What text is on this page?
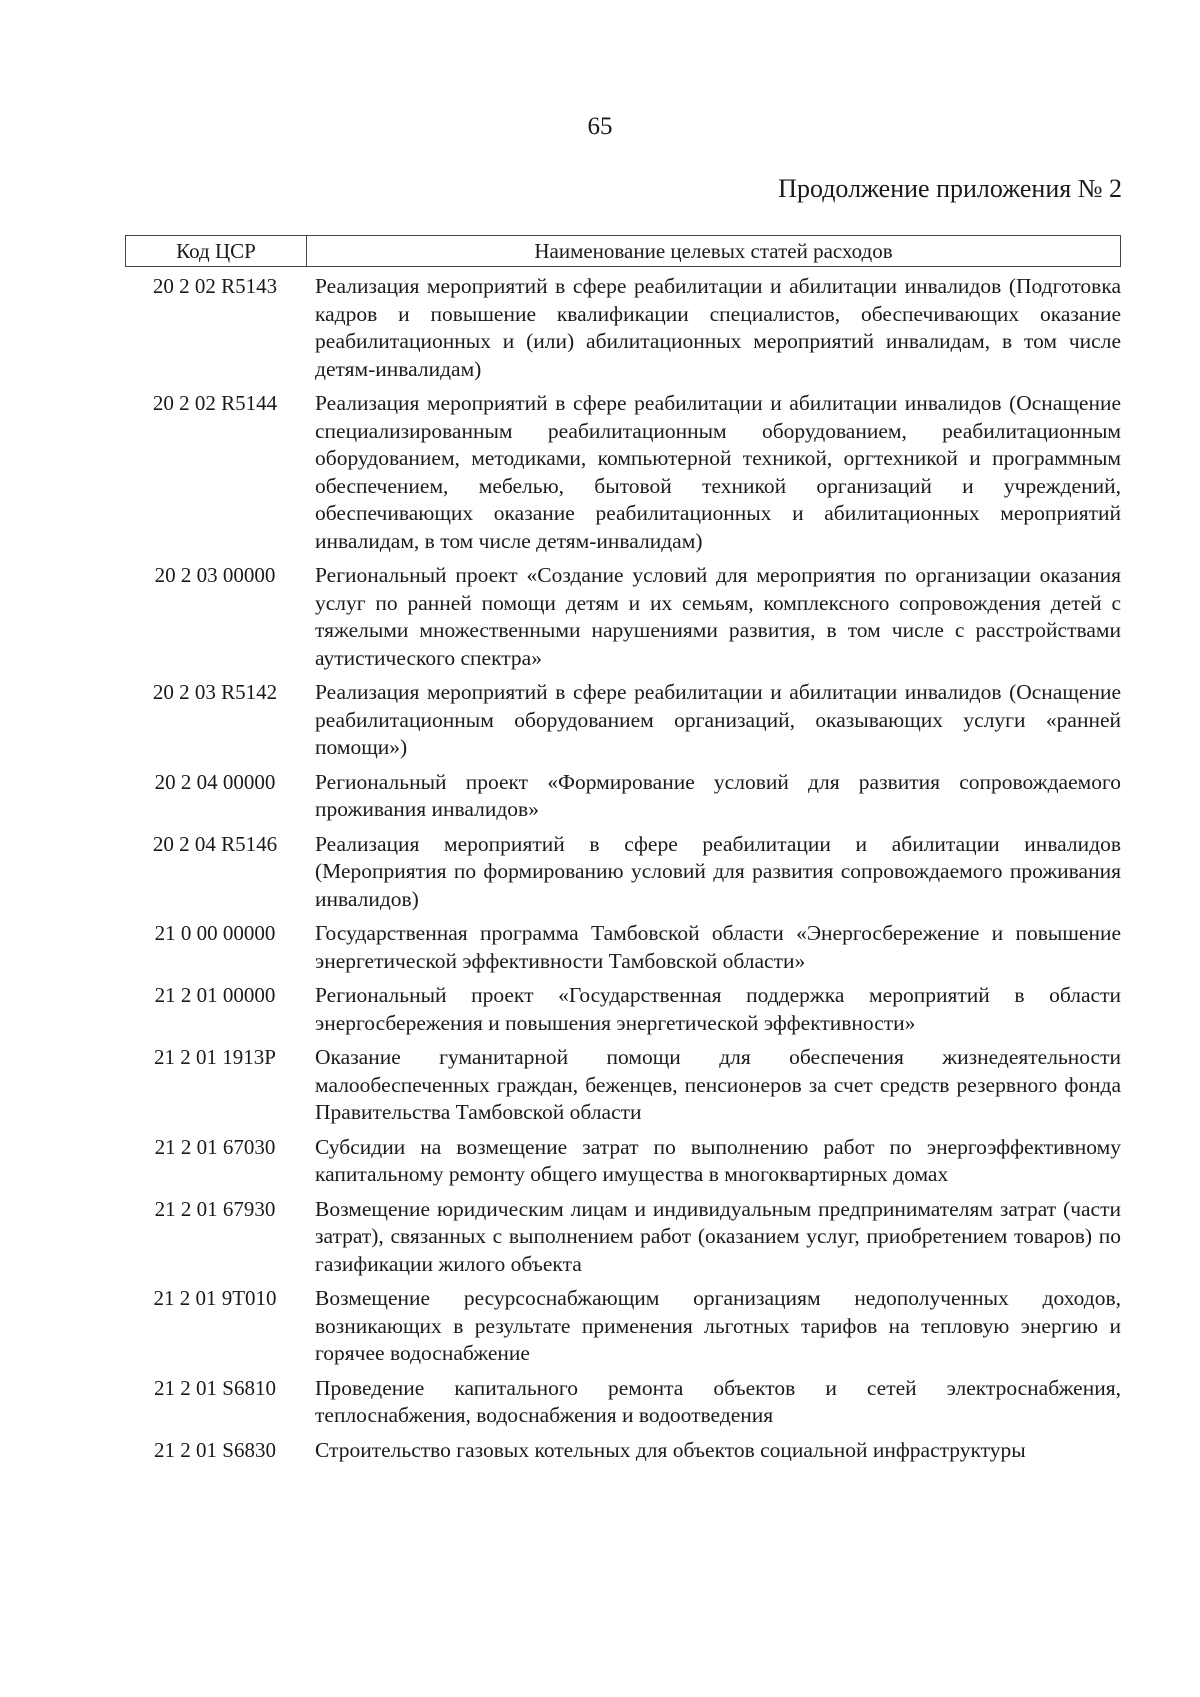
65
Продолжение приложения № 2
Код ЦСР	Наименование целевых статей расходов
20 2 02 R5143	Реализация мероприятий в сфере реабилитации и абилитации инвалидов (Подготовка кадров и повышение квалификации специалистов, обеспечивающих оказание реабилитационных и (или) абилитационных мероприятий инвалидам, в том числе детям-инвалидам)
20 2 02 R5144	Реализация мероприятий в сфере реабилитации и абилитации инвалидов (Оснащение специализированным реабилитационным оборудованием, реабилитационным оборудованием, методиками, компьютерной техникой, оргтехникой и программным обеспечением, мебелью, бытовой техникой организаций и учреждений, обеспечивающих оказание реабилитационных и абилитационных мероприятий инвалидам, в том числе детям-инвалидам)
20 2 03 00000	Региональный проект «Создание условий для мероприятия по организации оказания услуг по ранней помощи детям и их семьям, комплексного сопровождения детей с тяжелыми множественными нарушениями развития, в том числе с расстройствами аутистического спектра»
20 2 03 R5142	Реализация мероприятий в сфере реабилитации и абилитации инвалидов (Оснащение реабилитационным оборудованием организаций, оказывающих услуги «ранней помощи»)
20 2 04 00000	Региональный проект «Формирование условий для развития сопровождаемого проживания инвалидов»
20 2 04 R5146	Реализация мероприятий в сфере реабилитации и абилитации инвалидов (Мероприятия по формированию условий для развития сопровождаемого проживания инвалидов)
21 0 00 00000	Государственная программа Тамбовской области «Энергосбережение и повышение энергетической эффективности Тамбовской области»
21 2 01 00000	Региональный проект «Государственная поддержка мероприятий в области энергосбережения и повышения энергетической эффективности»
21 2 01 1913P	Оказание гуманитарной помощи для обеспечения жизнедеятельности малообеспеченных граждан, беженцев, пенсионеров за счет средств резервного фонда Правительства Тамбовской области
21 2 01 67030	Субсидии на возмещение затрат по выполнению работ по энергоэффективному капитальному ремонту общего имущества в многоквартирных домах
21 2 01 67930	Возмещение юридическим лицам и индивидуальным предпринимателям затрат (части затрат), связанных с выполнением работ (оказанием услуг, приобретением товаров) по газификации жилого объекта
21 2 01 9T010	Возмещение ресурсоснабжающим организациям недополученных доходов, возникающих в результате применения льготных тарифов на тепловую энергию и горячее водоснабжение
21 2 01 S6810	Проведение капитального ремонта объектов и сетей электроснабжения, теплоснабжения, водоснабжения и водоотведения
21 2 01 S6830	Строительство газовых котельных для объектов социальной инфраструктуры
